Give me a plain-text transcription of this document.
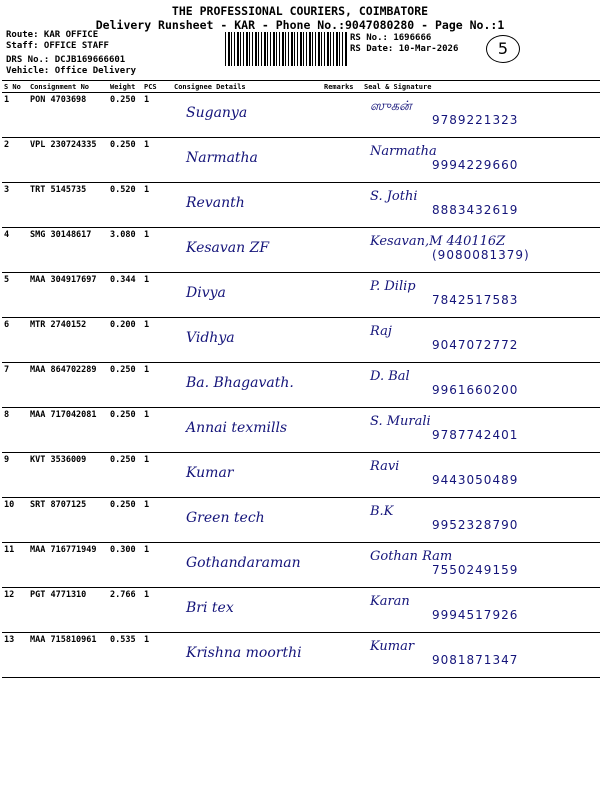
THE PROFESSIONAL COURIERS, COIMBATORE
Delivery Runsheet - KAR - Phone No.:9047080280 - Page No.:1
Route: KAR OFFICE
Staff: OFFICE STAFF
DRS No.: DCJB169666601
Vehicle: Office Delivery
RS No.: 1696666
RS Date: 10-Mar-2026	5
S No	Consignment No	Weight	PCS	Consignee Details	Remarks	Seal & Signature
1	PON 4703698	0.250	1	Suganya		ஸுகன்
9789221323

2	VPL 230724335	0.250	1	Narmatha		Narmatha
9994229660

3	TRT 5145735	0.520	1	Revanth		S. Jothi
8883432619

4	SMG 30148617	3.080	1	Kesavan ZF		Kesavan,M 440116Z
(9080081379)

5	MAA 304917697	0.344	1	Divya		P. Dilip
7842517583

6	MTR 2740152	0.200	1	Vidhya		Raj
9047072772

7	MAA 864702289	0.250	1	Ba. Bhagavath.		D. Bal
9961660200

8	MAA 717042081	0.250	1	Annai texmills		S. Murali
9787742401

9	KVT 3536009	0.250	1	Kumar		Ravi
9443050489

10	SRT 8707125	0.250	1	Green tech		B.K
9952328790

11	MAA 716771949	0.300	1	Gothandaraman		Gothan Ram
7550249159

12	PGT 4771310	2.766	1	Bri tex		Karan
9994517926

13	MAA 715810961	0.535	1	Krishna moorthi		Kumar
9081871347
